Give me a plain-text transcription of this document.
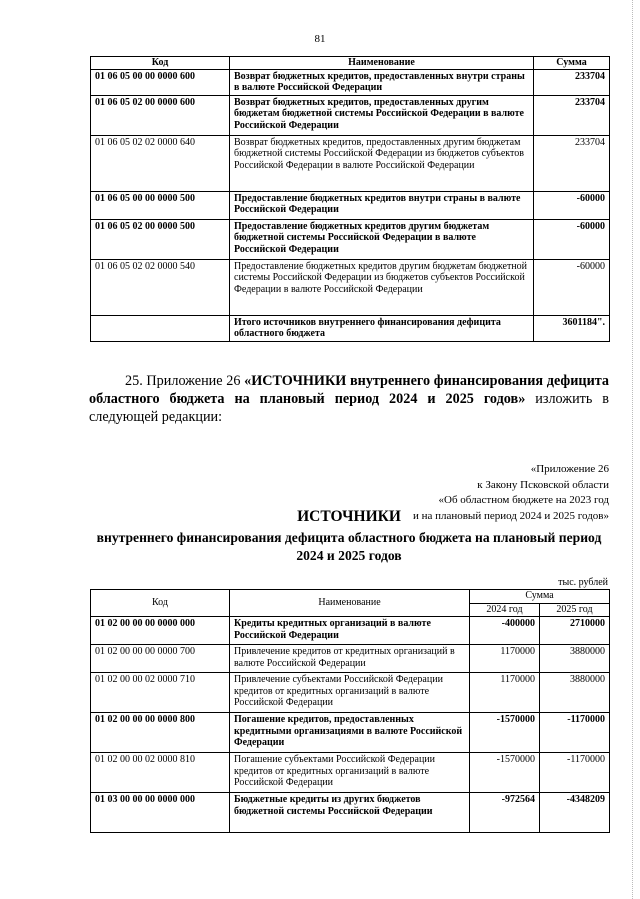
81
Код	Наименование	Сумма
01 06 05 00 00 0000 600	Возврат бюджетных кредитов, предоставленных внутри страны в валюте Российской Федерации	233704
01 06 05 02 00 0000 600	Возврат бюджетных кредитов, предоставленных другим бюджетам бюджетной системы Российской Федерации в валюте Российской Федерации	233704
01 06 05 02 02 0000 640	Возврат бюджетных кредитов, предоставленных другим бюджетам бюджетной системы Российской Федерации из бюджетов субъектов Российской Федерации в валюте Российской Федерации	233704
01 06 05 00 00 0000 500	Предоставление бюджетных кредитов внутри страны в валюте Российской Федерации	-60000
01 06 05 02 00 0000 500	Предоставление бюджетных кредитов другим бюджетам бюджетной системы Российской Федерации в валюте Российской Федерации	-60000
01 06 05 02 02 0000 540	Предоставление бюджетных кредитов другим бюджетам бюджетной системы Российской Федерации из бюджетов субъектов Российской Федерации в валюте Российской Федерации	-60000
	Итого источников внутреннего финансирования дефицита областного бюджета	3601184".
25. Приложение 26 «ИСТОЧНИКИ внутреннего финансирования дефицита областного бюджета на плановый период 2024 и 2025 годов» изложить в следующей редакции:
«Приложение 26
к Закону Псковской области
«Об областном бюджете на 2023 год
и на плановый период 2024 и 2025 годов»
ИСТОЧНИКИ
внутреннего финансирования дефицита областного бюджета на плановый период 2024 и 2025 годов
тыс. рублей
Код	Наименование	Сумма	
		2024 год	2025 год
01 02 00 00 00 0000 000	Кредиты кредитных организаций в валюте Российской Федерации	-400000	2710000
01 02 00 00 00 0000 700	Привлечение кредитов от кредитных организаций в валюте Российской Федерации	1170000	3880000
01 02 00 00 02 0000 710	Привлечение субъектами Российской Федерации кредитов от кредитных организаций в валюте Российской Федерации	1170000	3880000
01 02 00 00 00 0000 800	Погашение кредитов, предоставленных кредитными организациями в валюте Российской Федерации	-1570000	-1170000
01 02 00 00 02 0000 810	Погашение субъектами Российской Федерации кредитов от кредитных организаций в валюте Российской Федерации	-1570000	-1170000
01 03 00 00 00 0000 000	Бюджетные кредиты из других бюджетов бюджетной системы Российской Федерации	-972564	-4348209
